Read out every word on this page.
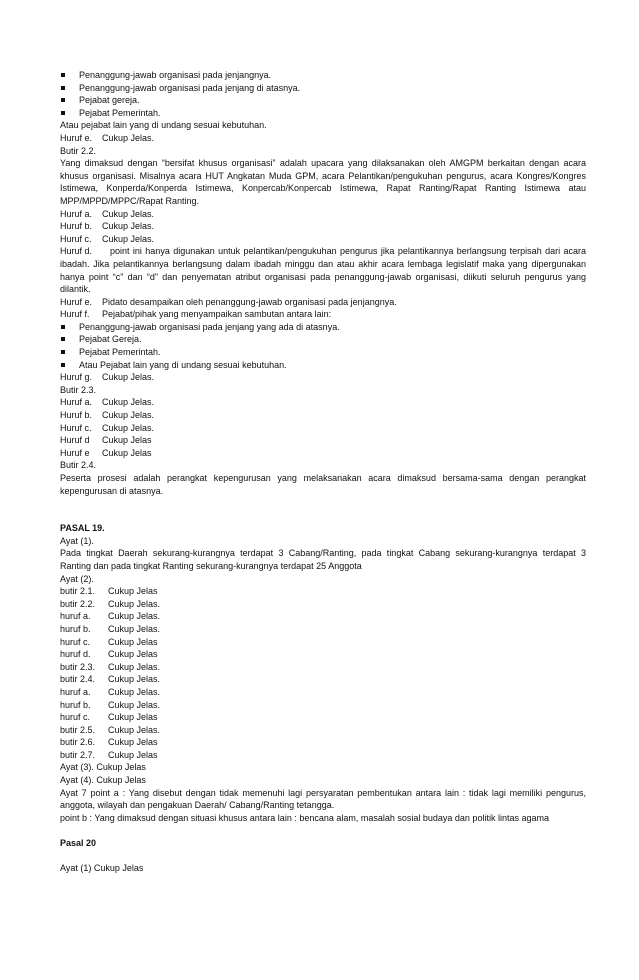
Penanggung-jawab organisasi pada jenjangnya.
Penanggung-jawab organisasi pada jenjang di atasnya.
Pejabat gereja.
Pejabat Pemerintah.
Atau pejabat lain yang di undang sesuai kebutuhan.
Huruf e. Cukup Jelas.
Butir 2.2.
Yang dimaksud dengan “bersifat khusus organisasi” adalah upacara yang dilaksanakan oleh AMGPM berkaitan dengan acara khusus organisasi. Misalnya acara HUT Angkatan Muda GPM, acara Pelantikan/pengukuhan pengurus, acara Kongres/Kongres Istimewa, Konperda/Konperda Istimewa, Konpercab/Konpercab Istimewa, Rapat Ranting/Rapat Ranting Istimewa atau MPP/MPPD/MPPC/Rapat Ranting.
Huruf a. Cukup Jelas.
Huruf b. Cukup Jelas.
Huruf c. Cukup Jelas.
Huruf d. point ini hanya digunakan untuk pelantikan/pengukuhan pengurus jika pelantikannya berlangsung terpisah dari acara ibadah. Jika pelantikannya berlangsung dalam ibadah minggu dan atau akhir acara lembaga legislatif maka yang dipergunakan hanya point “c” dan “d” dan penyematan atribut organisasi pada penanggung-jawab organisasi, diikuti seluruh pengurus yang dilantik.
Huruf e. Pidato desampaikan oleh penanggung-jawab organisasi pada jenjangnya.
Huruf f. Pejabat/pihak yang menyampaikan sambutan antara lain:
Penanggung-jawab organisasi pada jenjang yang ada di atasnya.
Pejabat Gereja.
Pejabat Pemerintah.
Atau Pejabat lain yang di undang sesuai kebutuhan.
Huruf g. Cukup Jelas.
Butir 2.3.
Huruf a. Cukup Jelas.
Huruf b. Cukup Jelas.
Huruf c. Cukup Jelas.
Huruf d Cukup Jelas
Huruf e Cukup Jelas
Butir 2.4.
Peserta prosesi adalah perangkat kepengurusan yang melaksanakan acara dimaksud bersama-sama dengan perangkat kepengurusan di atasnya.
PASAL 19.
Ayat (1).
Pada tingkat Daerah sekurang-kurangnya terdapat 3 Cabang/Ranting, pada tingkat Cabang sekurang-kurangnya terdapat 3 Ranting dan pada tingkat Ranting sekurang-kurangnya terdapat 25 Anggota
Ayat (2).
butir 2.1. Cukup Jelas
butir 2.2. Cukup Jelas.
huruf a. Cukup Jelas.
huruf b. Cukup Jelas.
huruf c. Cukup Jelas
huruf d. Cukup Jelas
butir 2.3. Cukup Jelas.
butir 2.4. Cukup Jelas.
huruf a. Cukup Jelas.
huruf b. Cukup Jelas.
huruf c. Cukup Jelas
butir 2.5. Cukup Jelas.
butir 2.6. Cukup Jelas
butir 2.7. Cukup Jelas
Ayat (3). Cukup Jelas
Ayat (4). Cukup Jelas
Ayat 7 point a : Yang disebut dengan tidak memenuhi lagi persyaratan pembentukan antara lain : tidak lagi memiliki pengurus, anggota, wilayah dan pengakuan Daerah/ Cabang/Ranting tetangga.
point b : Yang dimaksud dengan situasi khusus antara lain : bencana alam, masalah sosial budaya dan politik lintas agama
Pasal 20
Ayat (1) Cukup Jelas
